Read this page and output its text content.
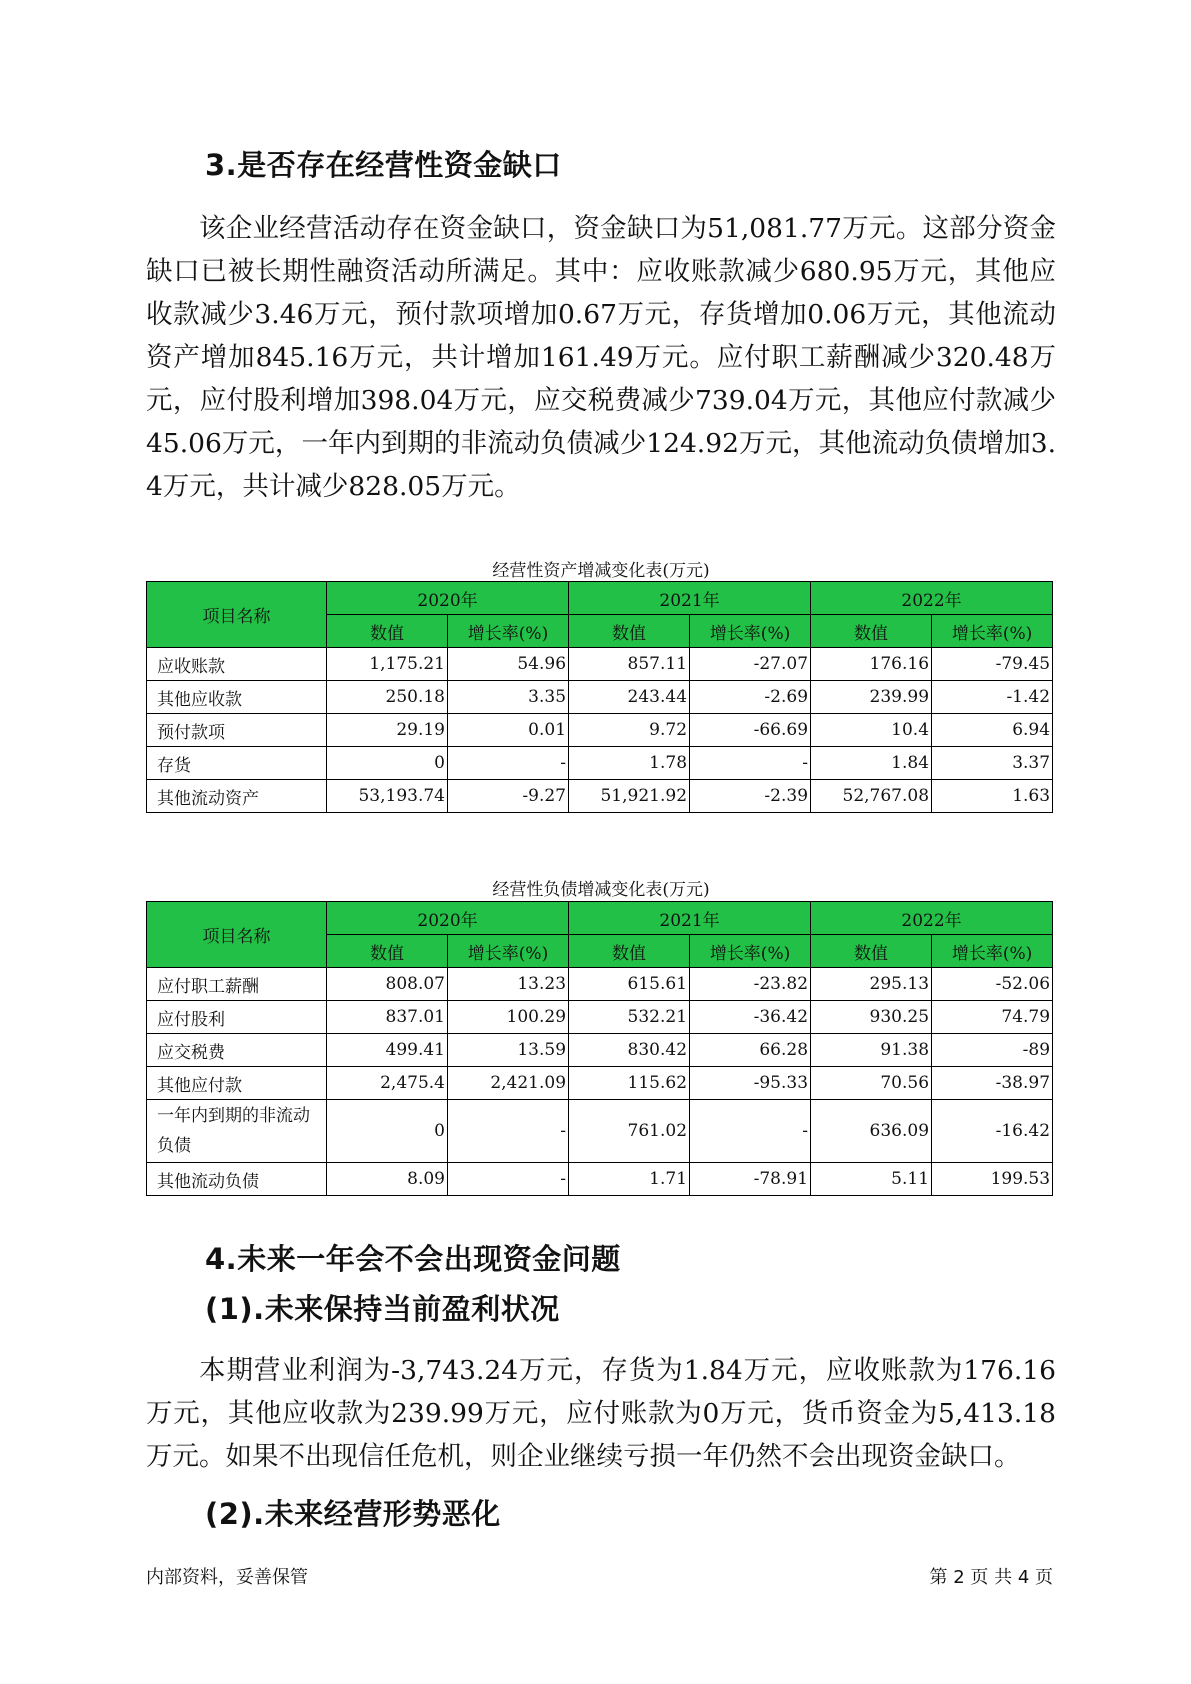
3.是否存在经营性资金缺口

该企业经营活动存在资金缺口，资金缺口为51,081.77万元。这部分资金缺口已被长期性融资活动所满足。其中：应收账款减少680.95万元，其他应收款减少3.46万元，预付款项增加0.67万元，存货增加0.06万元，其他流动资产增加845.16万元，共计增加161.49万元。应付职工薪酬减少320.48万元，应付股利增加398.04万元，应交税费减少739.04万元，其他应付款减少45.06万元，一年内到期的非流动负债减少124.92万元，其他流动负债增加3.4万元，共计减少828.05万元。

经营性资产增减变化表(万元)

项目名称	2020年		2021年		2022年	
	数值	增长率(%)	数值	增长率(%)	数值	增长率(%)
应收账款	1,175.21	54.96	857.11	-27.07	176.16	-79.45
其他应收款	250.18	3.35	243.44	-2.69	239.99	-1.42
预付款项	29.19	0.01	9.72	-66.69	10.4	6.94
存货	0	-	1.78	-	1.84	3.37
其他流动资产	53,193.74	-9.27	51,921.92	-2.39	52,767.08	1.63

经营性负债增减变化表(万元)

项目名称	2020年		2021年		2022年	
	数值	增长率(%)	数值	增长率(%)	数值	增长率(%)
应付职工薪酬	808.07	13.23	615.61	-23.82	295.13	-52.06
应付股利	837.01	100.29	532.21	-36.42	930.25	74.79
应交税费	499.41	13.59	830.42	66.28	91.38	-89
其他应付款	2,475.4	2,421.09	115.62	-95.33	70.56	-38.97
一年内到期的非流动负债	0	-	761.02	-	636.09	-16.42
其他流动负债	8.09	-	1.71	-78.91	5.11	199.53
4.未来一年会不会出现资金问题
(1).未来保持当前盈利状况

本期营业利润为-3,743.24万元，存货为1.84万元，应收账款为176.16万元，其他应收款为239.99万元，应付账款为0万元，货币资金为5,413.18万元。如果不出现信任危机，则企业继续亏损一年仍然不会出现资金缺口。

(2).未来经营形势恶化
内部资料，妥善保管	第 2 页 共 4 页
